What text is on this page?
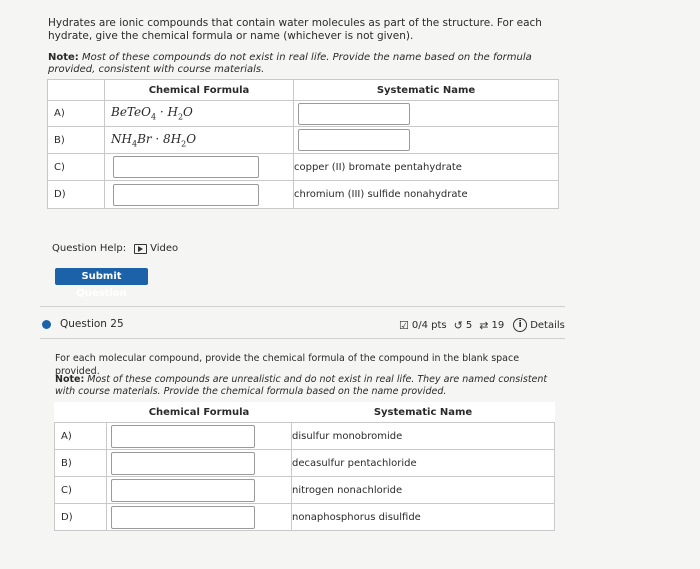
Hydrates are ionic compounds that contain water molecules as part of the structure. For each hydrate, give the chemical formula or name (whichever is not given).
Note: Most of these compounds do not exist in real life. Provide the name based on the formula provided, consistent with course materials.
	Chemical Formula	Systematic Name
A)	BeTeO$_4$ · $H_2O$	

B)	$NH_4Br \cdot 8H_2O$	

C)		copper (II) bromate pentahydrate
D)		chromium (III) sulfide nonahydrate
Question Help: Video
Submit Question
Question 25	☑ 0/4 pts ↺ 5 ⇄ 19	i Details
For each molecular compound, provide the chemical formula of the compound in the blank space provided.
Note: Most of these compounds are unrealistic and do not exist in real life. They are named consistent with course materials. Provide the chemical formula based on the name provided.
	Chemical Formula	Systematic Name
A)		disulfur monobromide
B)		decasulfur pentachloride
C)		nitrogen nonachloride
D)		nonaphosphorus disulfide
